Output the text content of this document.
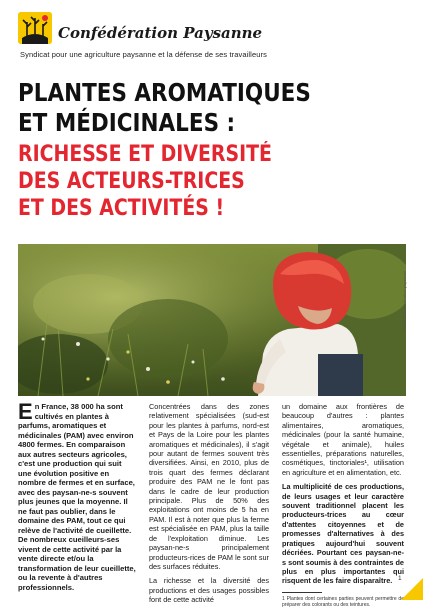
Confédération Paysanne
Syndicat pour une agriculture paysanne et la défense de ses travailleurs
PLANTES AROMATIQUES
ET MÉDICINALES :
RICHESSE ET DIVERSITÉ
DES ACTEURS-TRICES
ET DES ACTIVITÉS !
Photo © Confédération paysanne
E n France, 38 000 ha sont cultivés en plantes à parfums, aromatiques et médicinales (PAM) avec environ 4800 fermes. En comparaison aux autres secteurs agricoles, c'est une production qui suit une évolution positive en nombre de fermes et en surface, avec des paysan-ne-s souvent plus jeunes que la moyenne. Il ne faut pas oublier, dans le domaine des PAM, tout ce qui relève de l'activité de cueillette. De nombreux cueilleurs-ses vivent de cette activité par la vente directe et/ou la transformation de leur cueillette, ou la revente à d'autres professionnels.

Concentrées dans des zones relativement spécialisées (sud-est pour les plantes à parfums, nord-est et Pays de la Loire pour les plantes aromatiques et médicinales), il s'agit pour autant de fermes souvent très diversifiées. Ainsi, en 2010, plus de trois quart des fermes déclarant produire des PAM ne le font pas dans le cadre de leur production principale. Plus de 50% des exploitations ont moins de 5 ha en PAM. Il est à noter que plus la ferme est spécialisée en PAM, plus la taille de l'exploitation diminue. Les paysan-ne-s principalement producteurs-rices de PAM le sont sur des surfaces réduites.

La richesse et la diversité des productions et des usages possibles font de cette activité

un domaine aux frontières de beaucoup d'autres : plantes alimentaires, aromatiques, médicinales (pour la santé humaine, végétale et animale), huiles essentielles, préparations naturelles, cosmétiques, tinctoriales¹, utilisation en agriculture et en alimentation, etc.

La multiplicité de ces productions, de leurs usages et leur caractère souvent traditionnel placent les producteurs-trices au cœur d'attentes citoyennes et de promesses d'alternatives à des pratiques aujourd'hui souvent décriées. Pourtant ces paysan-ne-s sont soumis à des contraintes de plus en plus importantes qui risquent de les faire disparaître.

1 Plantes dont certaines parties peuvent permettre de préparer des colorants ou des teintures.
1
